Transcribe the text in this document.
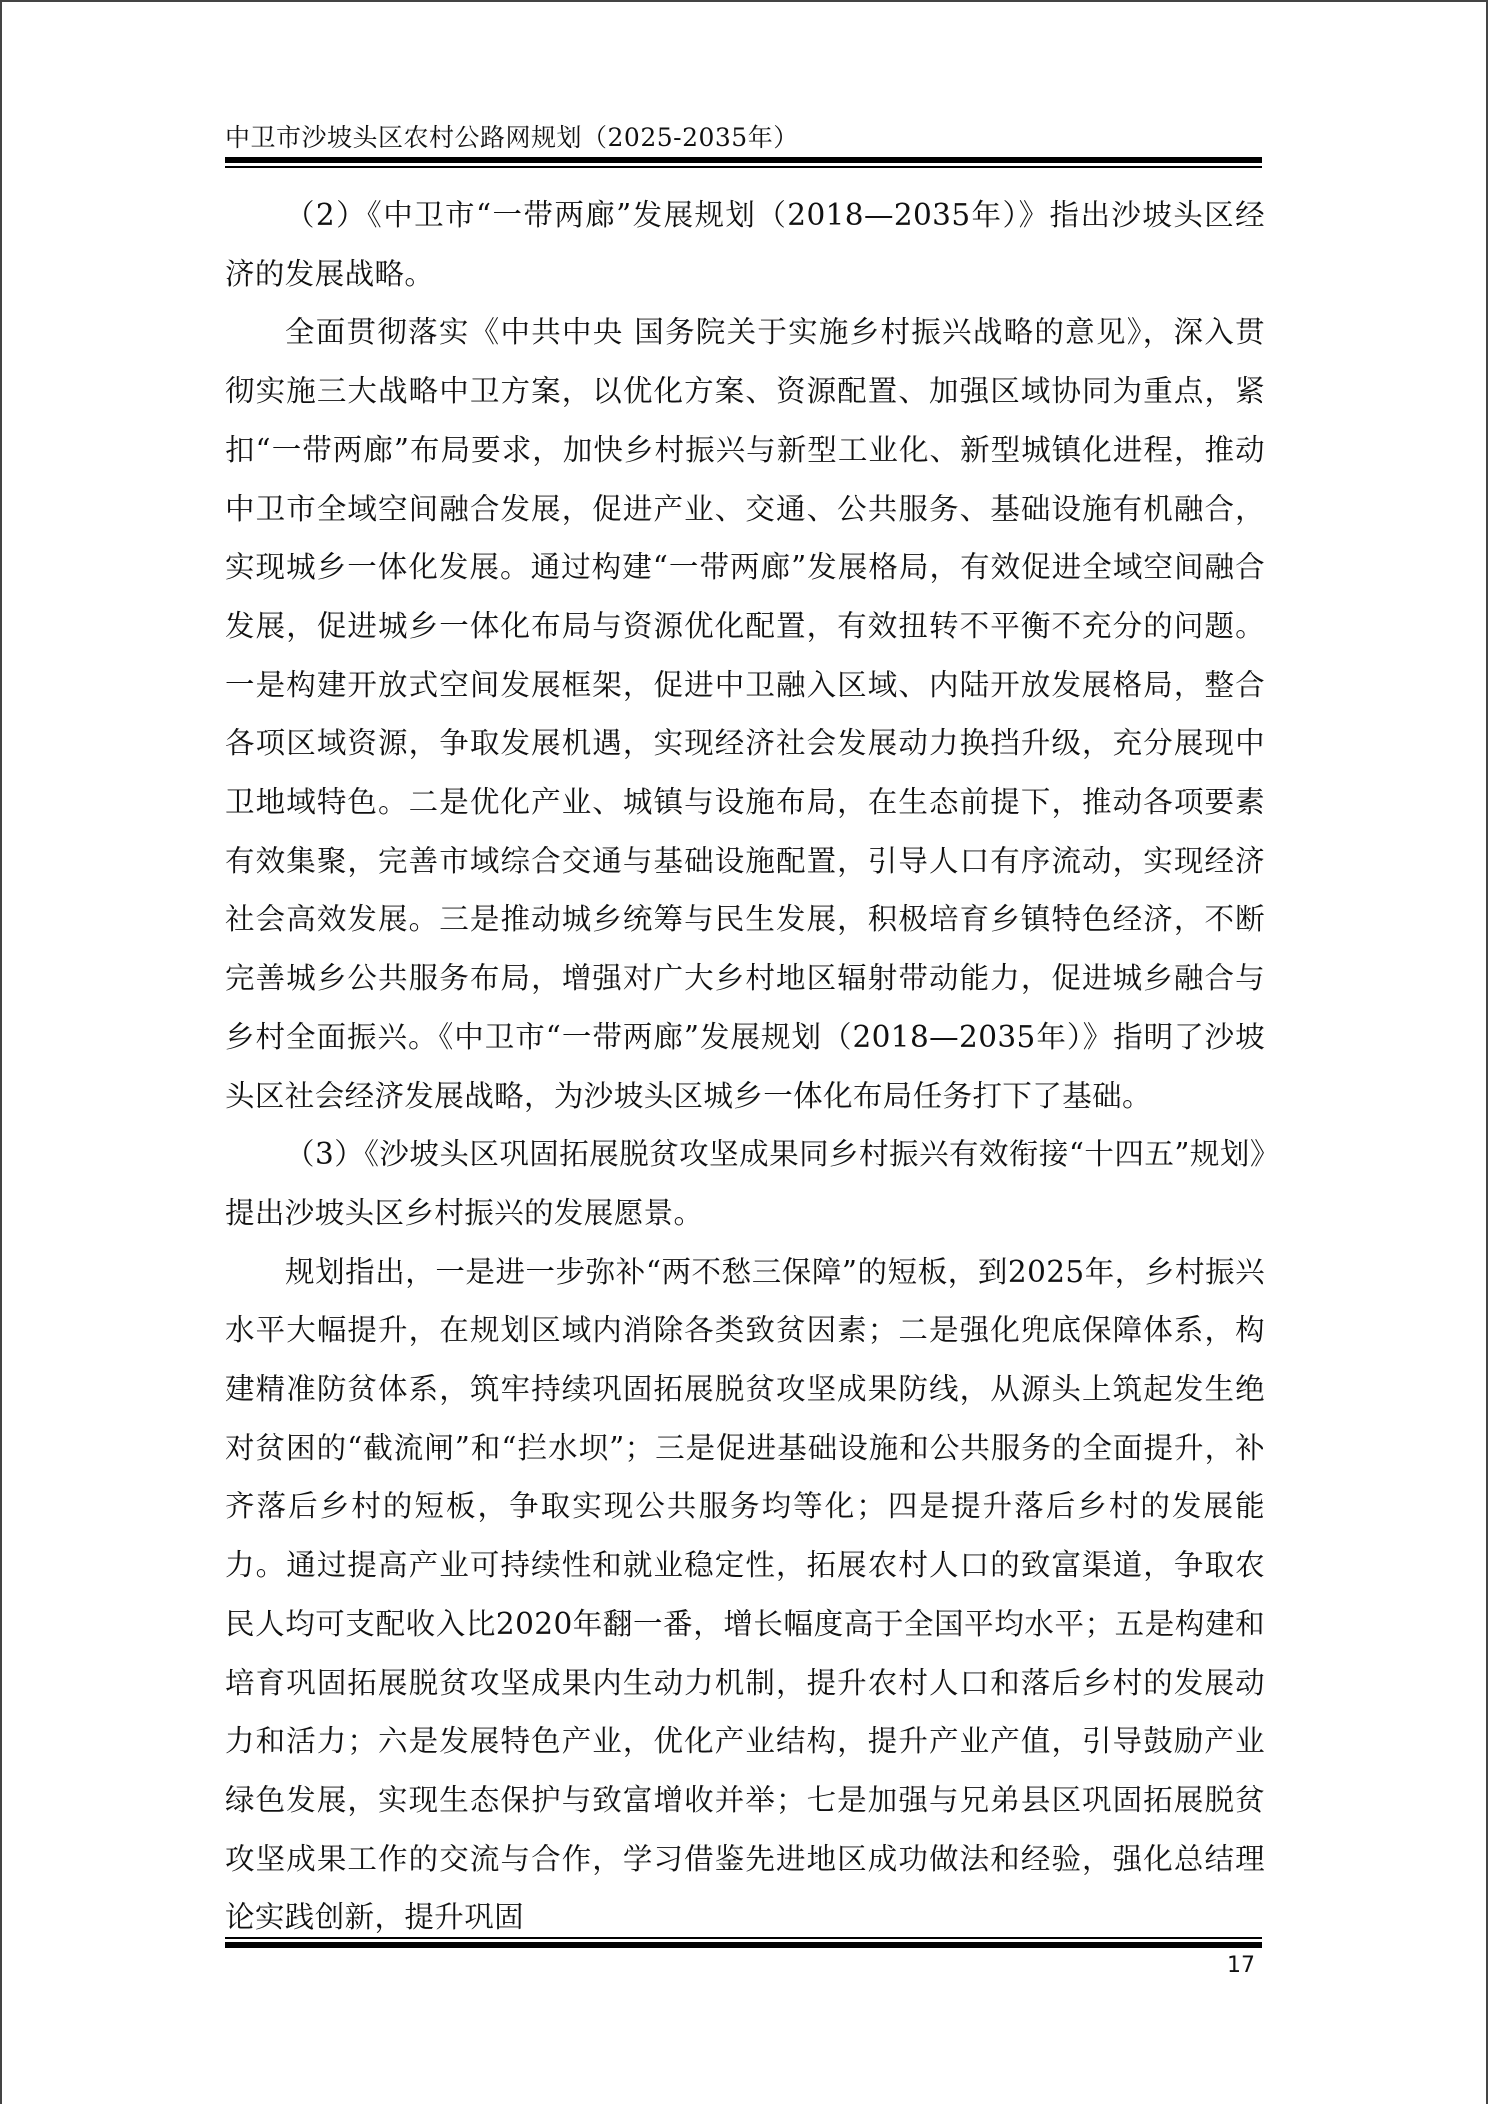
中卫市沙坡头区农村公路网规划（2025-2035年）

（2）《中卫市“一带两廊”发展规划（2018—2035年）》指出沙坡头区经济的发展战略。

全面贯彻落实《中共中央 国务院关于实施乡村振兴战略的意见》，深入贯彻实施三大战略中卫方案，以优化方案、资源配置、加强区域协同为重点，紧扣“一带两廊”布局要求，加快乡村振兴与新型工业化、新型城镇化进程，推动中卫市全域空间融合发展，促进产业、交通、公共服务、基础设施有机融合，实现城乡一体化发展。通过构建“一带两廊”发展格局，有效促进全域空间融合发展，促进城乡一体化布局与资源优化配置，有效扭转不平衡不充分的问题。一是构建开放式空间发展框架，促进中卫融入区域、内陆开放发展格局，整合各项区域资源，争取发展机遇，实现经济社会发展动力换挡升级，充分展现中卫地域特色。二是优化产业、城镇与设施布局，在生态前提下，推动各项要素有效集聚，完善市域综合交通与基础设施配置，引导人口有序流动，实现经济社会高效发展。三是推动城乡统筹与民生发展，积极培育乡镇特色经济，不断完善城乡公共服务布局，增强对广大乡村地区辐射带动能力，促进城乡融合与乡村全面振兴。《中卫市“一带两廊”发展规划（2018—2035年）》指明了沙坡头区社会经济发展战略，为沙坡头区城乡一体化布局任务打下了基础。

（3）《沙坡头区巩固拓展脱贫攻坚成果同乡村振兴有效衔接“十四五”规划》提出沙坡头区乡村振兴的发展愿景。

规划指出，一是进一步弥补“两不愁三保障”的短板，到2025年，乡村振兴水平大幅提升，在规划区域内消除各类致贫因素；二是强化兜底保障体系，构建精准防贫体系，筑牢持续巩固拓展脱贫攻坚成果防线，从源头上筑起发生绝对贫困的“截流闸”和“拦水坝”；三是促进基础设施和公共服务的全面提升，补齐落后乡村的短板，争取实现公共服务均等化；四是提升落后乡村的发展能力。通过提高产业可持续性和就业稳定性，拓展农村人口的致富渠道，争取农民人均可支配收入比2020年翻一番，增长幅度高于全国平均水平；五是构建和培育巩固拓展脱贫攻坚成果内生动力机制，提升农村人口和落后乡村的发展动力和活力；六是发展特色产业，优化产业结构，提升产业产值，引导鼓励产业绿色发展，实现生态保护与致富增收并举；七是加强与兄弟县区巩固拓展脱贫攻坚成果工作的交流与合作，学习借鉴先进地区成功做法和经验，强化总结理论实践创新，提升巩固

17
